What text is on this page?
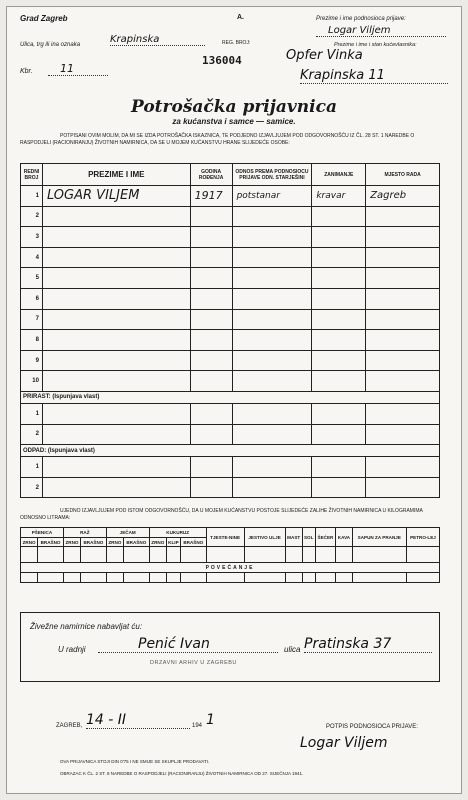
Grad Zagreb	A.
REG. BROJ:
136004
Ulica, trg ili ina oznaka	Krapinska
Kbr.	11
Prezime i ime podnosioca prijave:
Logar Viljem
Prezime i ime i stan kućevlasnika:
Opfer Vinka
Krapinska 11
Potrošačka prijavnica
za kućanstva i samce — samice.
POTPISANI OVIM MOLIM, DA MI SE IZDA POTROŠAČKA ISKAZNICA, TE PODJEDNO IZJAVLJUJEM POD ODGOVORNOŠĆU IZ ČL. 28 ST. 1 NAREDBE O RASPODJELI (RACIONIRANJU) ŽIVOTNIH NAMIRNICA, DA SE U MOJEM KUĆANSTVU HRANE SLIJEDEĆE OSOBE:
REDNI BROJ	PREZIME I IME	GODINA ROĐENJA	ODNOS PREMA PODNOSIOCU PRIJAVE ODN. STARJEŠINI	ZANIMANJE	MJESTO RADA
1	LOGAR VILJEM	1917	potstanar	kravar	Zagreb
2					
3					
4					
5					
6					
7					
8					
9					
10					
PRIRAST: (Ispunjava vlast)					
1					
2					
ODPAD: (Ispunjava vlast)					
1					
2					
UJEDNO IZJAVLJUJEM POD ISTOM ODGOVORNOŠĆU, DA U MOJEM KUĆANSTVU POSTOJE SLIJEDEĆE ZALIHE ŽIVOTNIH NAMIRNICA U KILOGRAMIMA ODNOSNO LITRAMA:
PŠENICA		RAŽ		JEČAM		KUKURUZ			TJESTE-NINE	JESTIVO ULJE	MAST	SOL	ŠEĆER	KAVA	SAPUN ZA PRANJE	PETRO-LEJ
ZRNO	BRAŠNO	ZRNO	BRAŠNO	ZRNO	BRAŠNO	ZRNO	KLIP	BRAŠNO								

POVEĆANJE																

Živežne namirnice nabavljat ću:
U radnji	Penić Ivan
DRZAVNI ARHIV U ZAGREBU
ulica Pratinska 37
ZAGREB, 14 - II	194 1	POTPIS PODNOSIOCA PRIJAVE:
Logar Viljem
OVA PRIJAVNICA STOJI DIN 0'75 I NE SMIJE SE SKUPLJE PRODAVATI.
OBRAZAC K ČL. 2 ST. 8 NAREDBE O RASPODJELI (RACIONIRANJU) ŽIVOTNIH NAMIRNICA OD 27. SIJEČNJA 1941.
